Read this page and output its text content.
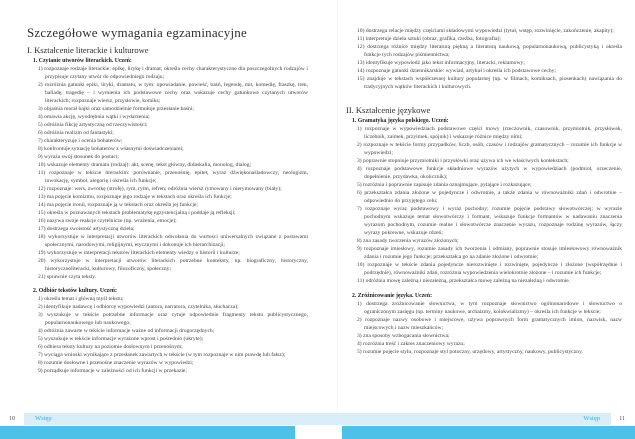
Szczegółowe wymagania egzaminacyjne
I. Kształcenie literackie i kulturowe
1. Czytanie utworów literackich. Uczeń:
1) rozpoznaje rodzaje literackie: epikę, lirykę i dramat; określa cechy charakterystyczne dla poszczególnych rodzajów i przypisuje czytany utwór do odpowiedniego rodzaju;
2) rozróżnia gatunki epiki, liryki, dramatu, w tym: opowiadanie, powieść, baśń, legendę, mit, komedię, fraszkę, tren, balladę, tragedię – i wymienia ich podstawowe cechy oraz wskazuje cechy gatunkowe czytanych utworów literackich; rozpoznaje wiersz, przysłowie, komiks;
3) objaśnia morał bajki oraz samodzielnie formułuje przesłanie baśni;
4) omawia akcję, wyodrębnia wątki i wydarzenia;
5) odróżnia fikcję artystyczną od rzeczywistości;
6) odróżnia realizm od fantastyki;
7) charakteryzuje i ocenia bohaterów;
8) konfrontuje sytuację bohaterów z własnymi doświadczeniami;
9) wyraża swój stosunek do postaci;
10) wskazuje elementy dramatu (rodzaj): akt, scenę, tekst główny, didaskalia, monolog, dialog;
11) rozpoznaje w tekście literackim: porównanie, przenośnię, epitet, wyraz dźwiękonaśladowczy, neologizm, inwokację, symbol, alegorię i określa ich funkcje;
12) rozpoznaje: wers, zwrotkę (strofę), rym, rytm, refren; odróżnia wiersz rymowany i nierymowany (biały);
13) ma pojęcie komizmu, rozpoznaje jego rodzaje w tekstach oraz określa ich funkcje;
14) ma pojęcie ironii, rozpoznaje ją w tekstach oraz określa jej funkcje;
15) określa w poznawanych tekstach problematykę egzystencjalną i poddaje ją refleksji;
16) nazywa swoje reakcje czytelnicze (np. wrażenia, emocje);
17) dostrzega swoistość artystyczną dzieła;
18) wykorzystuje w interpretacji utworów literackich odwołania do wartości uniwersalnych związane z postawami społecznymi, narodowymi, religijnymi, etycznymi i dokonuje ich hierarchizacji;
19) wykorzystuje w interpretacji tekstów literackich elementy wiedzy o historii i kulturze;
20) wykorzystuje w interpretacji utworów literackich potrzebne konteksty, np. biograficzny, historyczny, historycznoliteracki, kulturowy, filozoficzny, społeczny;
21) sprawnie czyta teksty.
2. Odbiór tekstów kultury. Uczeń:
1) określa temat i główną myśl tekstu;
2) identyfikuje nadawcę i odbiorcę wypowiedzi (autora, narratora, czytelnika, słuchacza);
3) wyszukuje w tekście potrzebne informacje oraz cytuje odpowiednie fragmenty tekstu publicystycznego, popularnonaukowego lub naukowego;
4) odróżnia zawarte w tekście informacje ważne od informacji drugorzędnych;
5) wyszukuje w tekście informacje wyrażone wprost i pośrednio (ukryte);
6) odbiera teksty kultury na poziomie dosłownym i przenośnym;
7) wyciąga wnioski wynikające z przesłanek zawartych w tekście (w tym rozpoznaje w nim prawdę lub fałsz);
8) rozumie dosłowne i przenośne znaczenie wyrazów w wypowiedzi;
9) porządkuje informacje w zależności od ich funkcji w przekazie;
10) dostrzega relacje między częściami składowymi wypowiedzi (tytuł, wstęp, rozwinięcie, zakończenie, akapity);
11) interpretuje dzieła sztuki (obraz, grafika, rzeźba, fotografia);
12) dostrzega różnice między literaturą piękną a literaturą naukową, popularnonaukową, publicystyką i określa funkcje tych rodzajów piśmiennictwa;
13) identyfikuje wypowiedź jako tekst informacyjny, literacki, reklamowy;
14) rozpoznaje gatunki dziennikarskie: wywiad, artykuł i określa ich podstawowe cechy;
15) znajduje w tekstach współczesnej kultury popularnej (np. w filmach, komiksach, piosenkach) nawiązania do tradycyjnych wątków literackich i kulturowych.
II. Kształcenie językowe
1. Gramatyka języka polskiego. Uczeń:
1) rozpoznaje w wypowiedziach podstawowe części mowy (rzeczownik, czasownik, przymiotnik, przysłówek, liczebnik, zaimek, przyimek, spójnik) i wskazuje różnice między nimi;
2) rozpoznaje w tekście formy przypadków, liczb, osób, czasów i rodzajów gramatycznych – rozumie ich funkcje w wypowiedzi;
3) poprawnie stopniuje przymiotniki i przysłówki oraz używa ich we właściwych kontekstach;
4) rozpoznaje podstawowe funkcje składniowe wyrazów użytych w wypowiedziach (podmiot, orzeczenie, dopełnienie, przydawka, okolicznik);
5) rozróżnia i poprawnie zapisuje zdania oznajmujące, pytające i rozkazujące;
6) przekształca zdania złożone w pojedyncze i odwrotnie, a także zdania w równoważniki zdań i odwrotnie – odpowiednio do przyjętego celu;
7) rozpoznaje wyraz podstawowy i wyraz pochodny; rozumie pojęcie podstawy słowotwórczej; w wyrazie pochodnym wskazuje temat słowotwórczy i formant, wskazuje funkcje formantów w nadawaniu znaczenia wyrazom pochodnym, rozumie realne i słowotwórcze znaczenie wyrazu, rozpoznaje rodzinę wyrazów, łączy wyrazy pokrewne, wskazuje rdzeń;
8) zna zasady tworzenia wyrazów złożonych;
9) rozpoznaje imiesłowy, rozumie zasady ich tworzenia i odmiany, poprawnie stosuje imiesłowowy równoważnik zdania i rozumie jego funkcje; przekształca go na zdanie złożone i odwrotnie;
10) rozpoznaje w tekście zdania pojedyncze nierozwinięte i rozwinięte, pojedyncze i złożone (współrzędnie i podrzędnie), równoważniki zdań, rozróżnia wypowiedzenia wielokrotnie złożone – i rozumie ich funkcje;
11) odróżnia mowę zależną i niezależną, przekształca mowę zależną na niezależną i odwrotnie.
2. Zróżnicowanie języka. Uczeń:
1) dostrzega zróżnicowanie słownictwa, w tym rozpoznaje słownictwo ogólnonarodowe i słownictwo o ograniczonym zasięgu (np. terminy naukowe, archaizmy, kolokwializmy) – określa ich funkcje w tekście;
2) rozpoznaje nazwy osobowe i miejscowe, używa poprawnych form gramatycznych imion, nazwisk, nazw miejscowych i nazw mieszkańców;
3) zna sposoby wzbogacania słownictwa;
4) rozróżnia treść i zakres znaczeniowy wyrazu;
5) rozumie pojęcie stylu, rozpoznaje styl potoczny, urzędowy, artystyczny, naukowy, publicystyczny.
10	Wstęp	Wstęp	11
